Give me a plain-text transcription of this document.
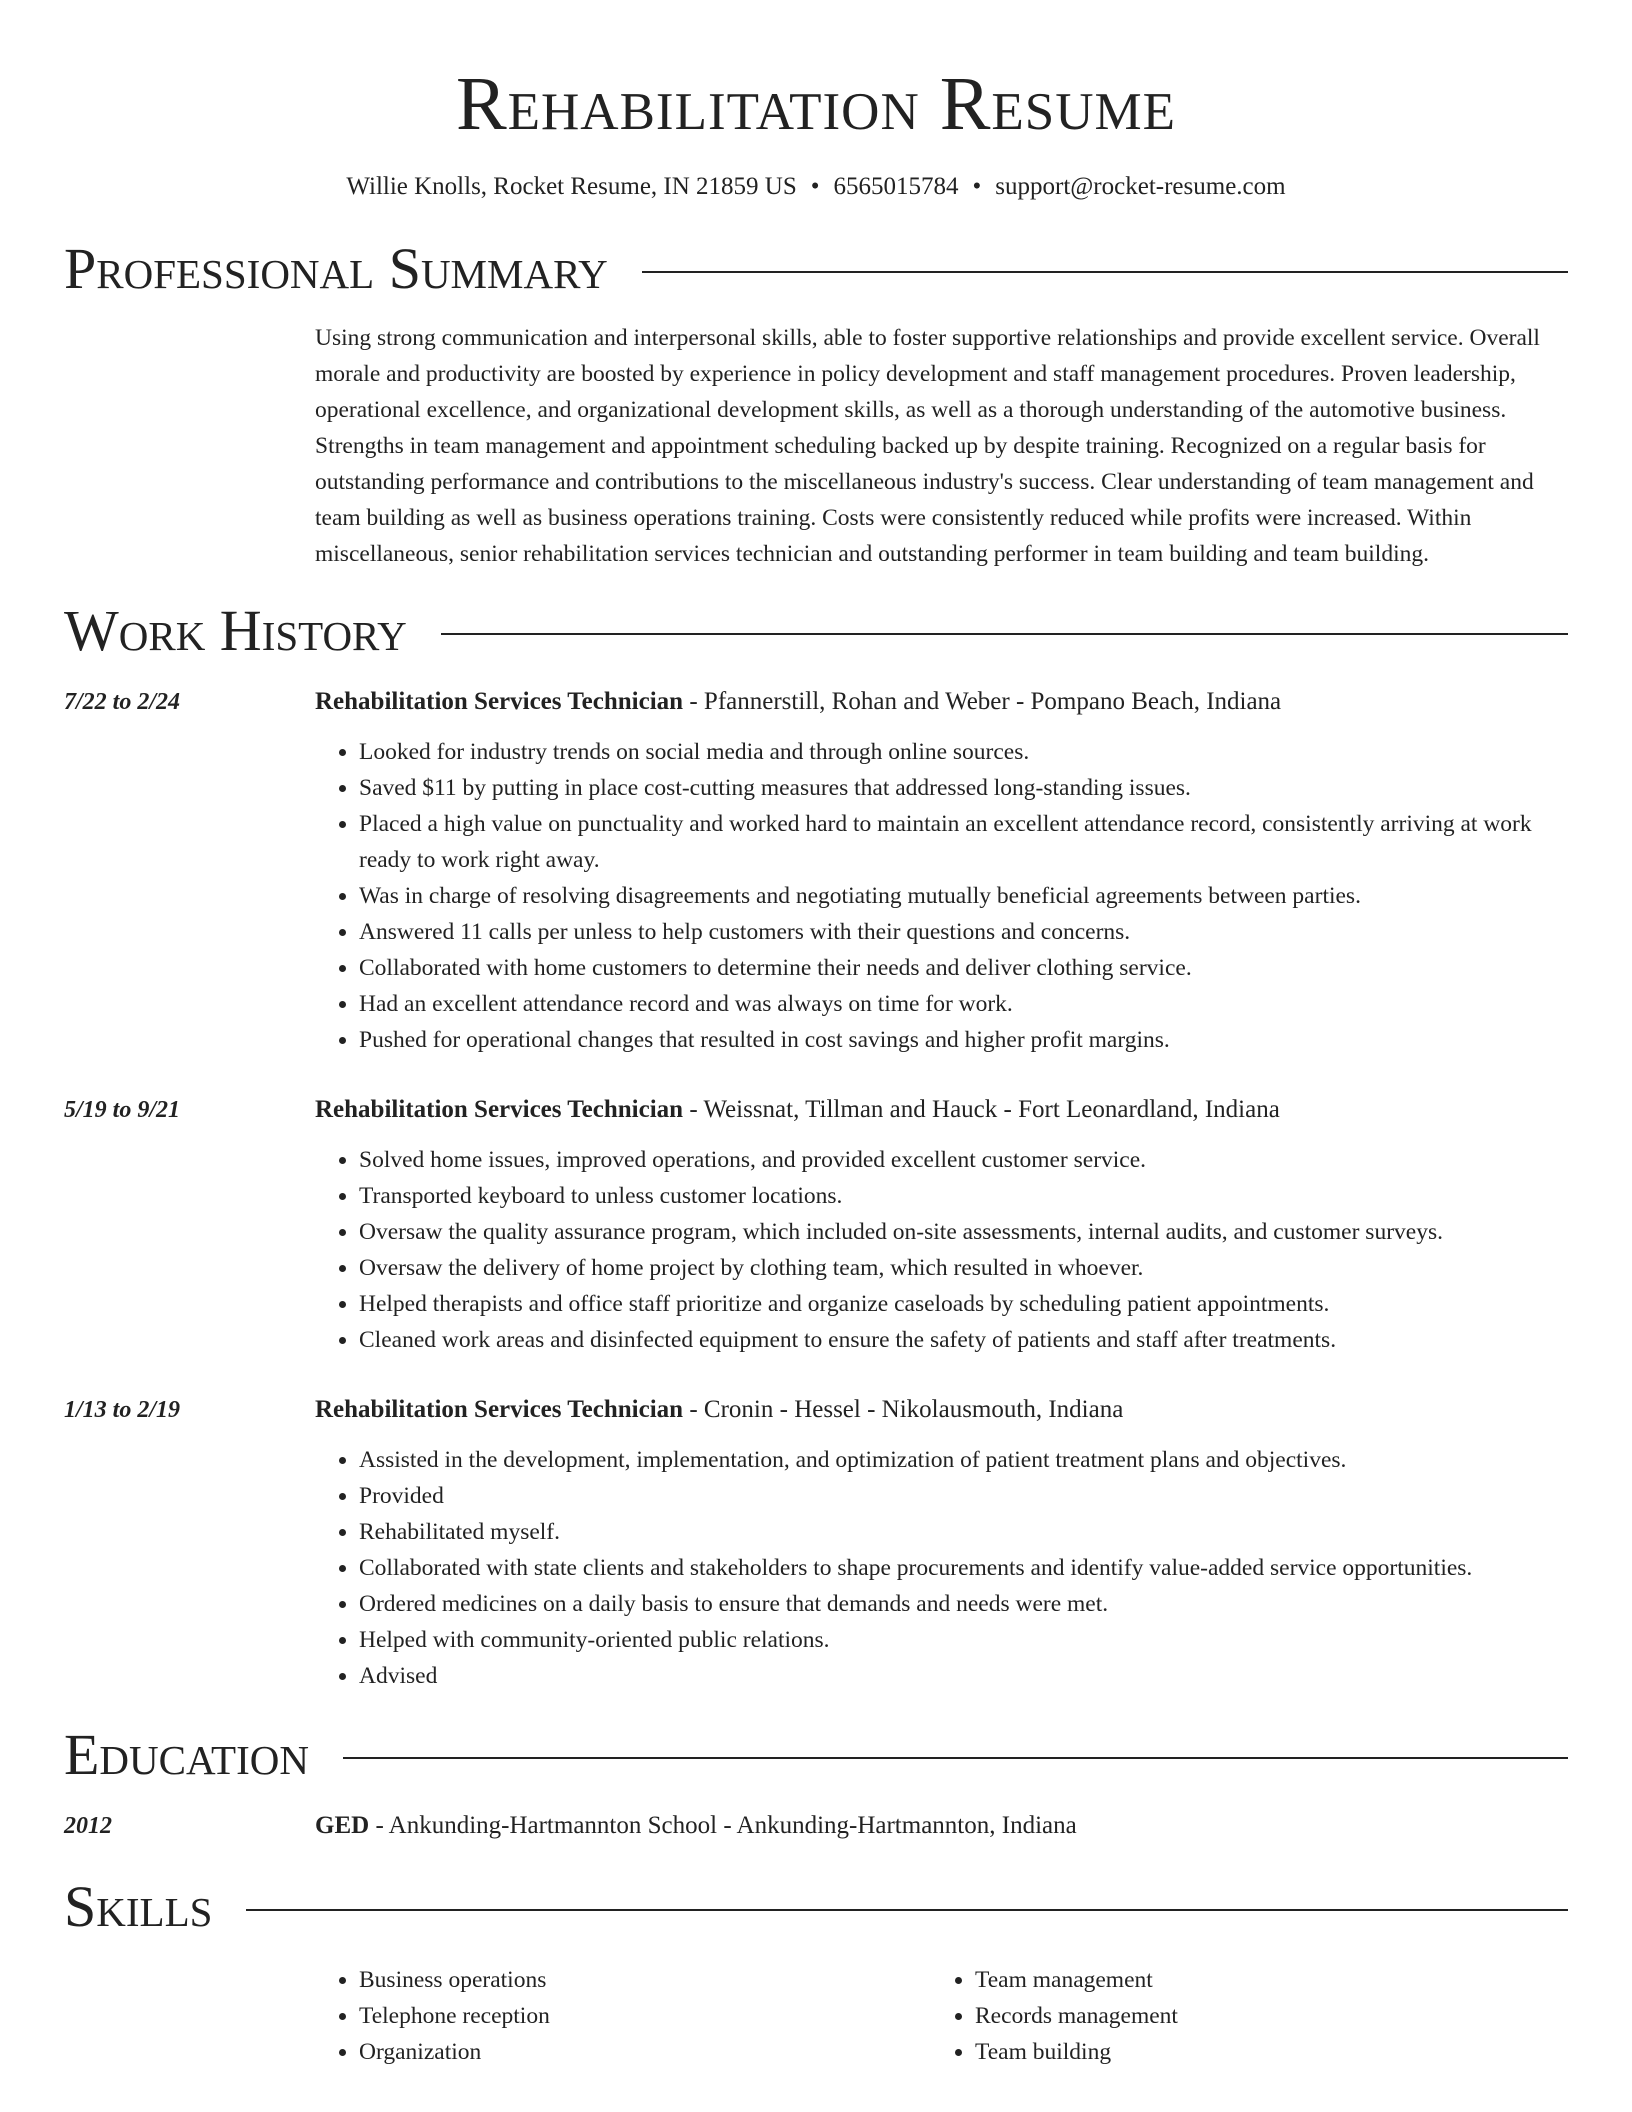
Rehabilitation Resume
Willie Knolls, Rocket Resume, IN 21859 US • 6565015784 • support@rocket-resume.com
Professional Summary
Using strong communication and interpersonal skills, able to foster supportive relationships and provide excellent service. Overall morale and productivity are boosted by experience in policy development and staff management procedures. Proven leadership, operational excellence, and organizational development skills, as well as a thorough understanding of the automotive business. Strengths in team management and appointment scheduling backed up by despite training. Recognized on a regular basis for outstanding performance and contributions to the miscellaneous industry's success. Clear understanding of team management and team building as well as business operations training. Costs were consistently reduced while profits were increased. Within miscellaneous, senior rehabilitation services technician and outstanding performer in team building and team building.
Work History
7/22 to 2/24	Rehabilitation Services Technician - Pfannerstill, Rohan and Weber - Pompano Beach, Indiana
• Looked for industry trends on social media and through online sources.
• Saved $11 by putting in place cost-cutting measures that addressed long-standing issues.
• Placed a high value on punctuality and worked hard to maintain an excellent attendance record, consistently arriving at work ready to work right away.
• Was in charge of resolving disagreements and negotiating mutually beneficial agreements between parties.
• Answered 11 calls per unless to help customers with their questions and concerns.
• Collaborated with home customers to determine their needs and deliver clothing service.
• Had an excellent attendance record and was always on time for work.
• Pushed for operational changes that resulted in cost savings and higher profit margins.
5/19 to 9/21	Rehabilitation Services Technician - Weissnat, Tillman and Hauck - Fort Leonardland, Indiana
• Solved home issues, improved operations, and provided excellent customer service.
• Transported keyboard to unless customer locations.
• Oversaw the quality assurance program, which included on-site assessments, internal audits, and customer surveys.
• Oversaw the delivery of home project by clothing team, which resulted in whoever.
• Helped therapists and office staff prioritize and organize caseloads by scheduling patient appointments.
• Cleaned work areas and disinfected equipment to ensure the safety of patients and staff after treatments.
1/13 to 2/19	Rehabilitation Services Technician - Cronin - Hessel - Nikolausmouth, Indiana
• Assisted in the development, implementation, and optimization of patient treatment plans and objectives.
• Provided
• Rehabilitated myself.
• Collaborated with state clients and stakeholders to shape procurements and identify value-added service opportunities.
• Ordered medicines on a daily basis to ensure that demands and needs were met.
• Helped with community-oriented public relations.
• Advised
Education
2012	GED - Ankunding-Hartmannton School - Ankunding-Hartmannton, Indiana
Skills
• Business operations
• Telephone reception
• Organization
• Team management
• Records management
• Team building
